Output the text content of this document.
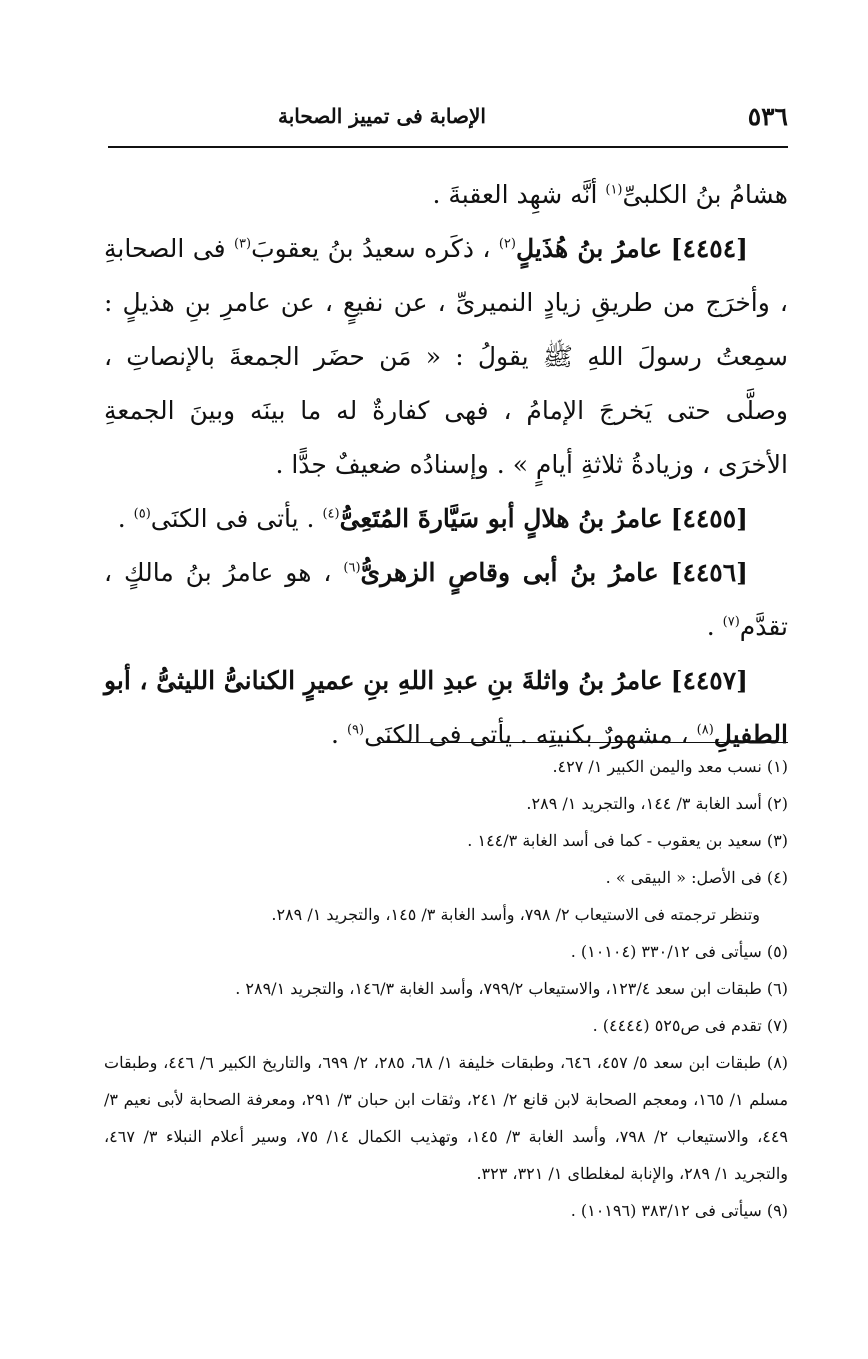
٥٣٦
الإصابة فى تمييز الصحابة

هشامُ بنُ الكلبىِّ$^{(١)}$ أنَّه شهِد العقبةَ .

[٤٤٥٤] عامرُ بنُ هُذَيلٍ$^{(٢)}$ ، ذكَره سعيدُ بنُ يعقوبَ$^{(٣)}$ فى الصحابةِ ، وأخرَج من طريقِ زيادٍ النميرىِّ ، عن نفيعٍ ، عن عامرِ بنِ هذيلٍ : سمِعتُ رسولَ اللهِ ﷺ يقولُ : « مَن حضَر الجمعةَ بالإنصاتِ ، وصلَّى حتى يَخرجَ الإمامُ ، فهى كفارةٌ له ما بينَه وبينَ الجمعةِ الأخرَى ، وزيادةُ ثلاثةِ أيامٍ » . وإسنادُه ضعيفٌ جدًّا .

[٤٤٥٥] عامرُ بنُ هلالٍ أبو سَيَّارةَ المُتَعِىُّ$^{(٤)}$ . يأتى فى الكنَى$^{(٥)}$ .

[٤٤٥٦] عامرُ بنُ أبى وقاصٍ الزهرىُّ$^{(٦)}$ ، هو عامرُ بنُ مالكٍ ، تقدَّم$^{(٧)}$ .

[٤٤٥٧] عامرُ بنُ واثلةَ بنِ عبدِ اللهِ بنِ عميرٍ الكنانىُّ الليثىُّ ، أبو الطفيلِ$^{(٨)}$ ، مشهورٌ بكنيتِه . يأتى فى الكنَى$^{(٩)}$ .

(١) نسب معد واليمن الكبير ١/ ٤٢٧.

(٢) أسد الغابة ٣/ ١٤٤، والتجريد ١/ ٢٨٩.

(٣) سعيد بن يعقوب - كما فى أسد الغابة ١٤٤/٣ .

(٤) فى الأصل: « البيقى » .

وتنظر ترجمته فى الاستيعاب ٢/ ٧٩٨، وأسد الغابة ٣/ ١٤٥، والتجريد ١/ ٢٨٩.

(٥) سيأتى فى ٣٣٠/١٢ (١٠١٠٤) .

(٦) طبقات ابن سعد ١٢٣/٤، والاستيعاب ٧٩٩/٢، وأسد الغابة ١٤٦/٣، والتجريد ٢٨٩/١ .

(٧) تقدم فى ص٥٢٥ (٤٤٤٤) .

(٨) طبقات ابن سعد ٥/ ٤٥٧، ٦٤٦، وطبقات خليفة ١/ ٦٨، ٢٨٥، ٢/ ٦٩٩، والتاريخ الكبير ٦/ ٤٤٦، وطبقات مسلم ١/ ١٦٥، ومعجم الصحابة لابن قانع ٢/ ٢٤١، وثقات ابن حبان ٣/ ٢٩١، ومعرفة الصحابة لأبى نعيم ٣/ ٤٤٩، والاستيعاب ٢/ ٧٩٨، وأسد الغابة ٣/ ١٤٥، وتهذيب الكمال ١٤/ ٧٥، وسير أعلام النبلاء ٣/ ٤٦٧، والتجريد ١/ ٢٨٩، والإنابة لمغلطاى ١/ ٣٢١، ٣٢٣.

(٩) سيأتى فى ٣٨٣/١٢ (١٠١٩٦) .
